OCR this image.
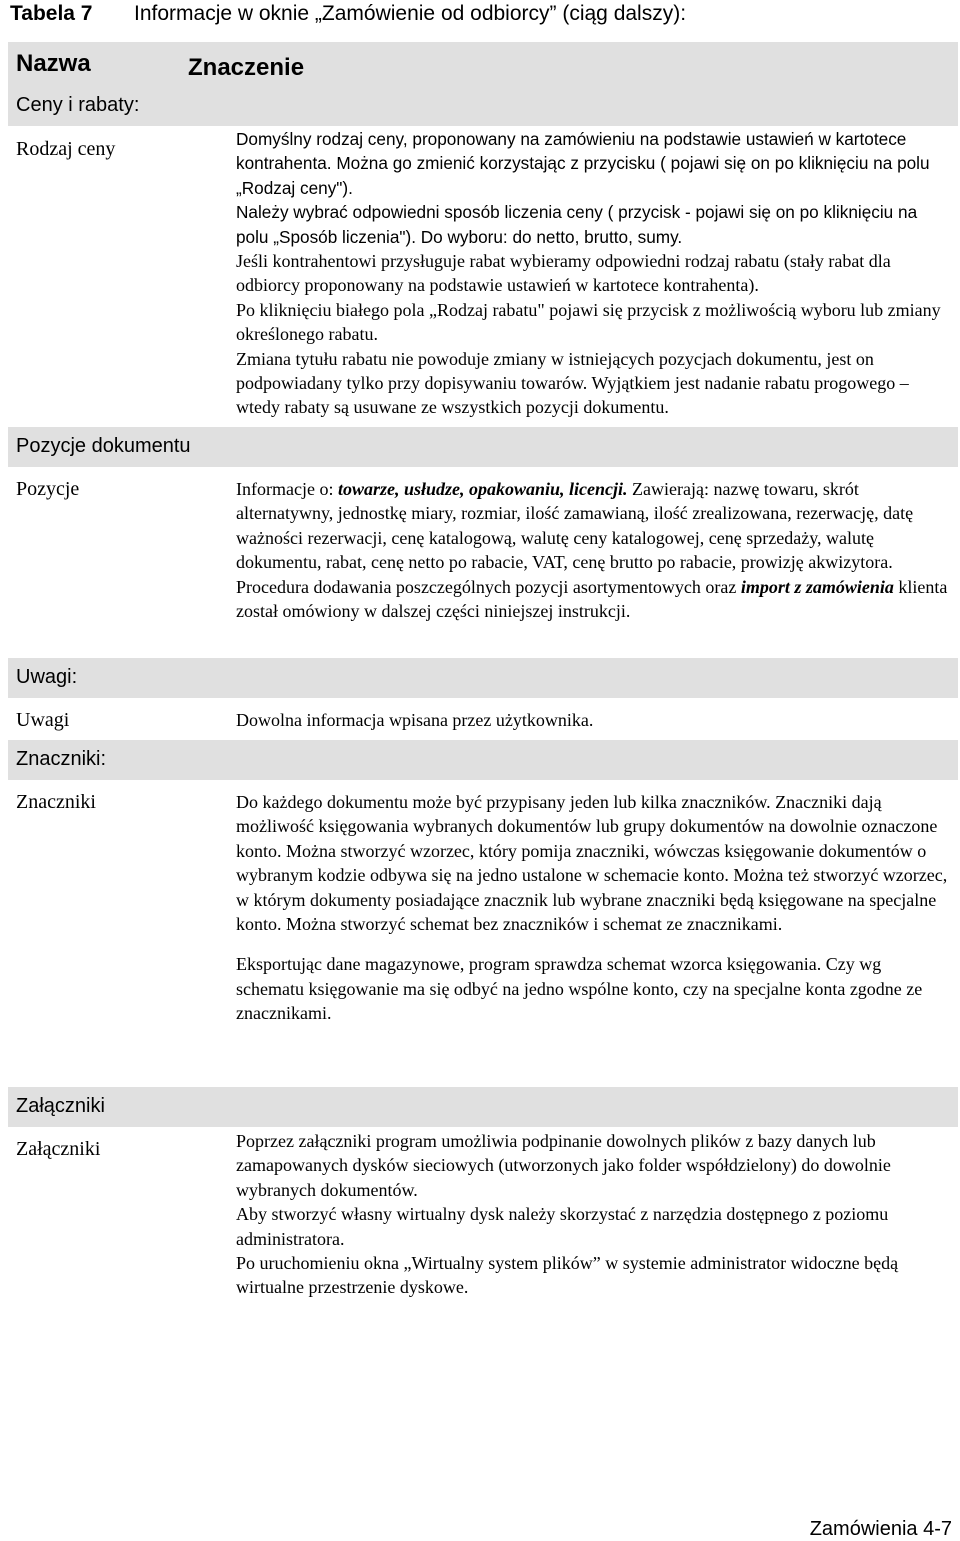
Tabela 7 Informacje w oknie „Zamówienie od odbiorcy” (ciąg dalszy):
Nazwa	Znaczenie
Ceny i rabaty:
Rodzaj ceny	Domyślny rodzaj ceny, proponowany na zamówieniu na podstawie ustawień w kartotece kontrahenta. Można go zmienić korzystając z przycisku ( pojawi się on po kliknięciu na polu „Rodzaj ceny").

Należy wybrać odpowiedni sposób liczenia ceny ( przycisk - pojawi się on po kliknięciu na polu „Sposób liczenia"). Do wyboru: do netto, brutto, sumy.

Jeśli kontrahentowi przysługuje rabat wybieramy odpowiedni rodzaj rabatu (stały rabat dla odbiorcy proponowany na podstawie ustawień w kartotece kontrahenta).

Po kliknięciu białego pola „Rodzaj rabatu" pojawi się przycisk z możliwością wyboru lub zmiany określonego rabatu.

Zmiana tytułu rabatu nie powoduje zmiany w istniejących pozycjach dokumentu, jest on podpowiadany tylko przy dopisywaniu towarów. Wyjątkiem jest nadanie rabatu progowego – wtedy rabaty są usuwane ze wszystkich pozycji dokumentu.

Pozycje dokumentu
Pozycje	Informacje o: towarze, usłudze, opakowaniu, licencji. Zawierają: nazwę towaru, skrót alternatywny, jednostkę miary, rozmiar, ilość zamawianą, ilość zrealizowana, rezerwację, datę ważności rezerwacji, cenę katalogową, walutę ceny katalogowej, cenę sprzedaży, walutę dokumentu, rabat, cenę netto po rabacie, VAT, cenę brutto po rabacie, prowizję akwizytora. Procedura dodawania poszczególnych pozycji asortymentowych oraz import z zamówienia klienta został omówiony w dalszej części niniejszej instrukcji.

Uwagi:
Uwagi	Dowolna informacja wpisana przez użytkownika.
Znaczniki:
Znaczniki	Do każdego dokumentu może być przypisany jeden lub kilka znaczników. Znaczniki dają możliwość księgowania wybranych dokumentów lub grupy dokumentów na dowolnie oznaczone konto. Można stworzyć wzorzec, który pomija znaczniki, wówczas księgowanie dokumentów o wybranym kodzie odbywa się na jedno ustalone w schemacie konto. Można też stworzyć wzorzec, w którym dokumenty posiadające znacznik lub wybrane znaczniki będą księgowane na specjalne konto. Można stworzyć schemat bez znaczników i schemat ze znacznikami.

Eksportując dane magazynowe, program sprawdza schemat wzorca księgowania. Czy wg schematu księgowanie ma się odbyć na jedno wspólne konto, czy na specjalne konta zgodne ze znacznikami.

Załączniki
Załączniki	Poprzez załączniki program umożliwia podpinanie dowolnych plików z bazy danych lub zamapowanych dysków sieciowych (utworzonych jako folder współdzielony) do dowolnie wybranych dokumentów.

Aby stworzyć własny wirtualny dysk należy skorzystać z narzędzia dostępnego z poziomu administratora.

Po uruchomieniu okna „Wirtualny system plików” w systemie administrator widoczne będą wirtualne przestrzenie dyskowe.

Zamówienia 4-7
